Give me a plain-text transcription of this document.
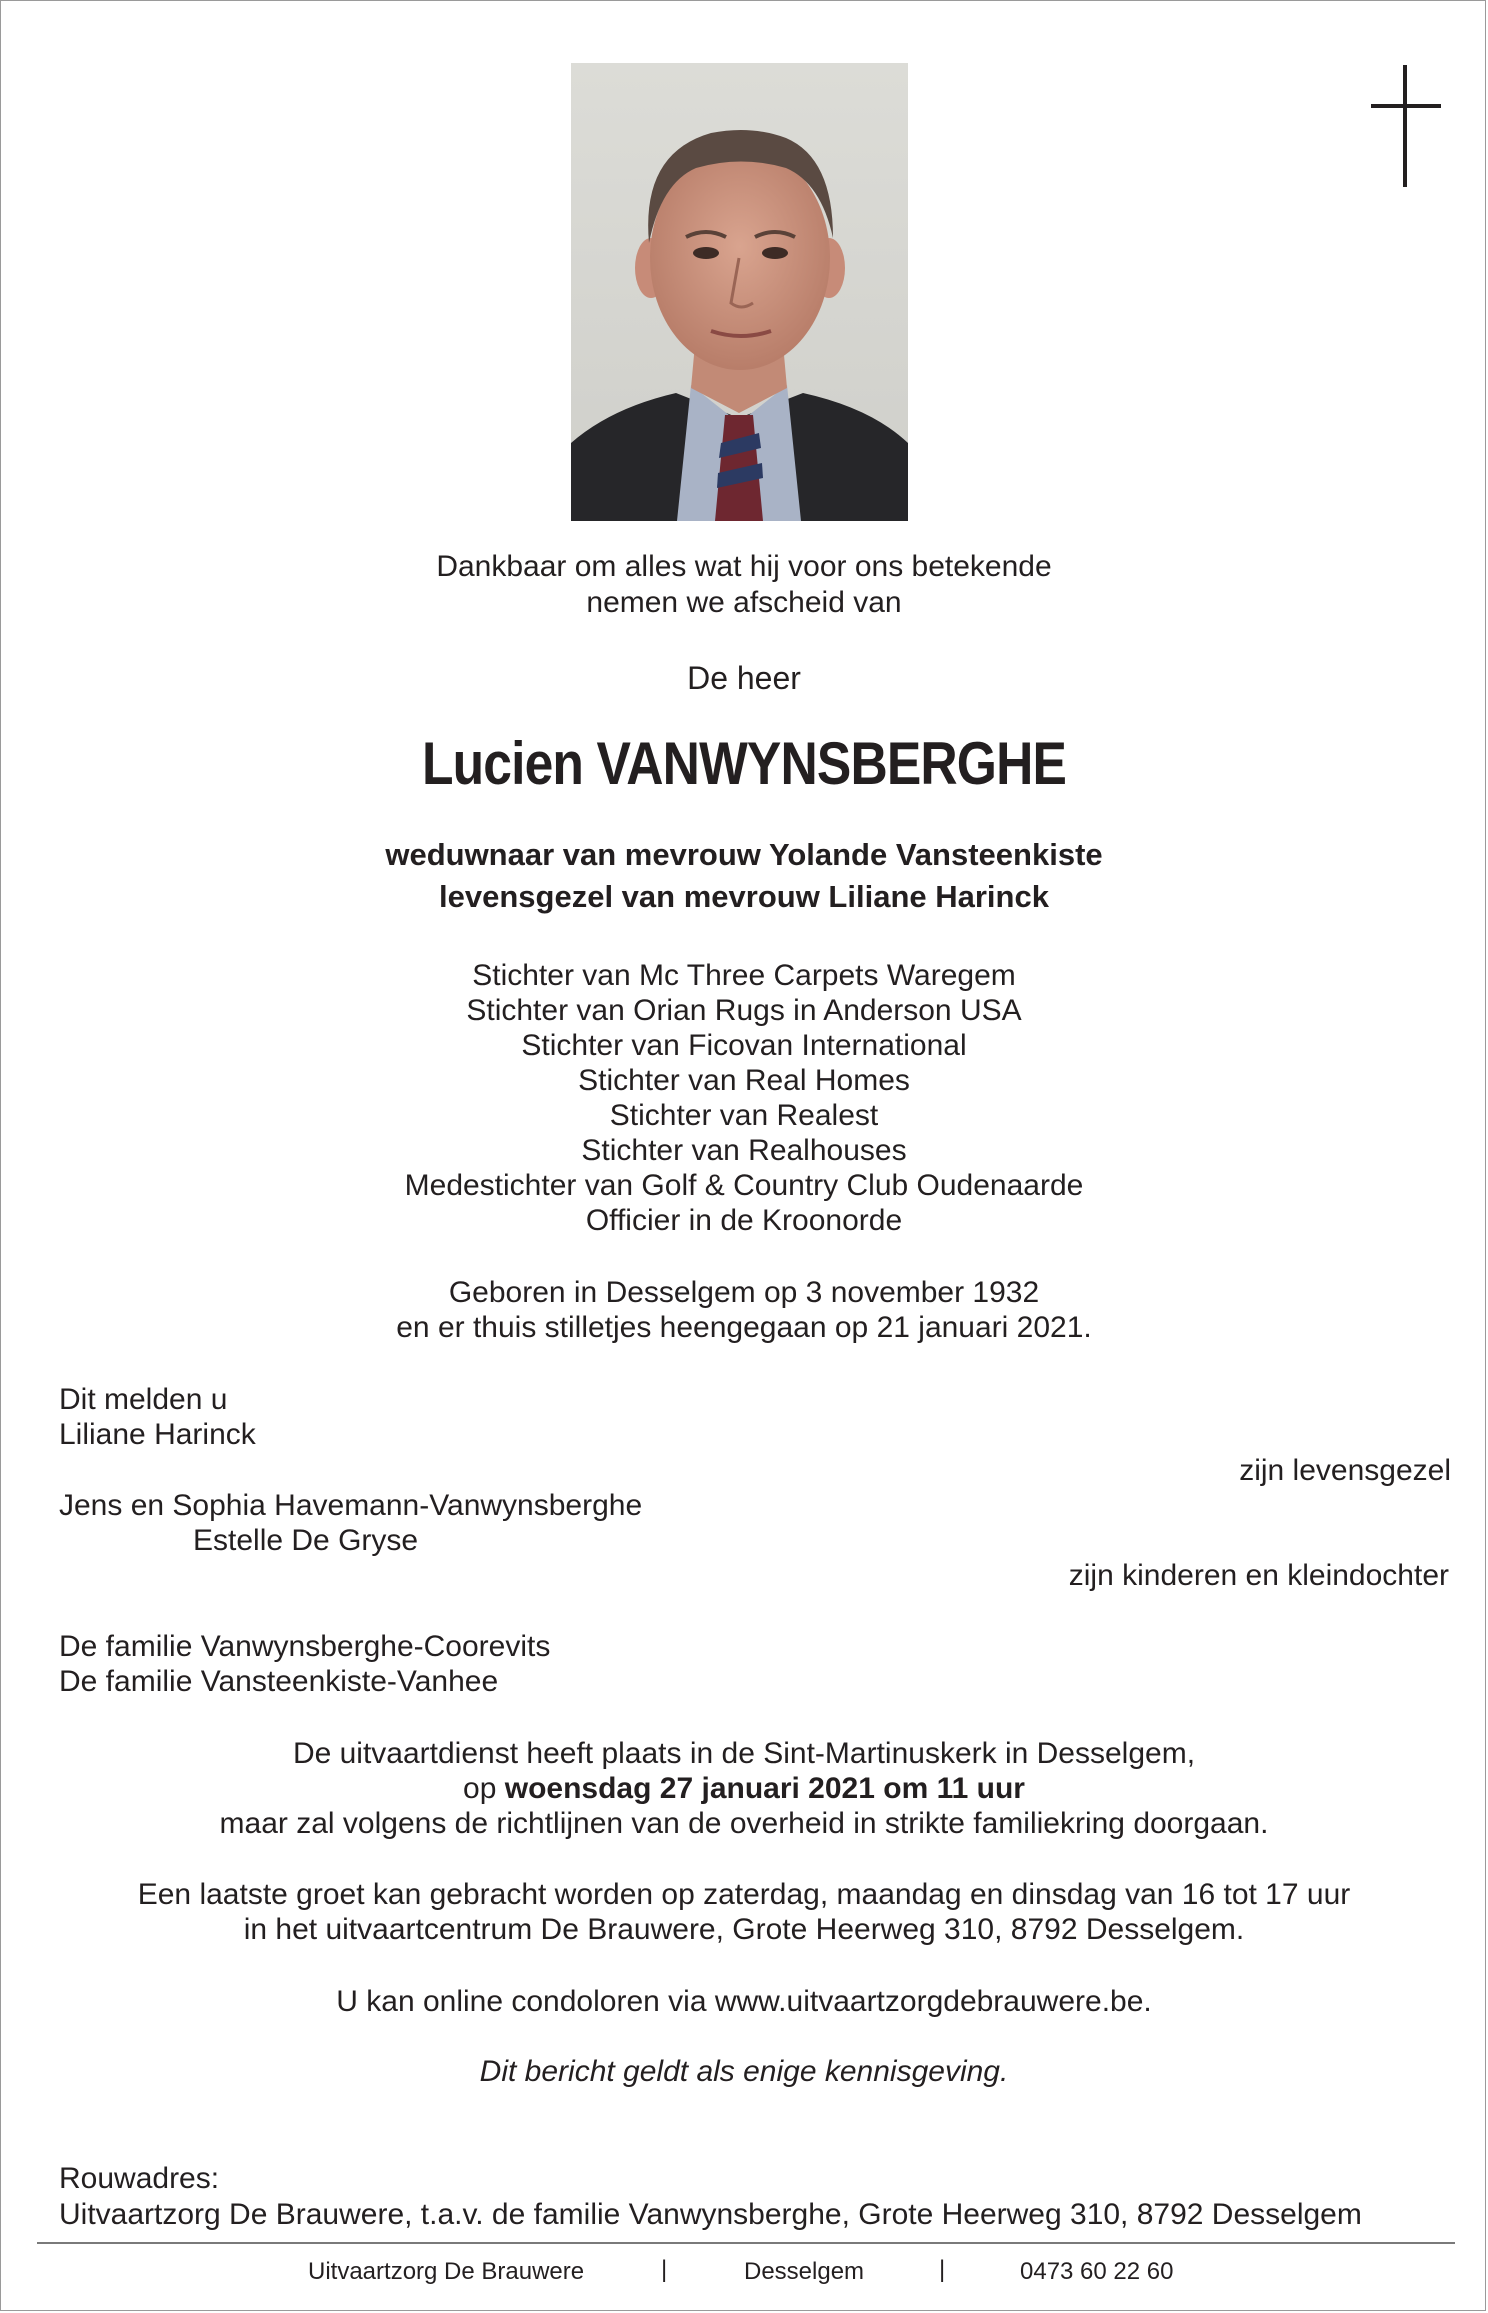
Dankbaar om alles wat hij voor ons betekende
nemen we afscheid van
De heer
Lucien VANWYNSBERGHE
weduwnaar van mevrouw Yolande Vansteenkiste
levensgezel van mevrouw Liliane Harinck
Stichter van Mc Three Carpets Waregem
Stichter van Orian Rugs in Anderson USA
Stichter van Ficovan International
Stichter van Real Homes
Stichter van Realest
Stichter van Realhouses
Medestichter van Golf & Country Club Oudenaarde
Officier in de Kroonorde
Geboren in Desselgem op 3 november 1932
en er thuis stilletjes heengegaan op 21 januari 2021.
Dit melden u
Liliane Harinck
zijn levensgezel
Jens en Sophia Havemann-Vanwynsberghe
Estelle De Gryse
zijn kinderen en kleindochter
De familie Vanwynsberghe-Coorevits
De familie Vansteenkiste-Vanhee
De uitvaartdienst heeft plaats in de Sint-Martinuskerk in Desselgem,
op woensdag 27 januari 2021 om 11 uur
maar zal volgens de richtlijnen van de overheid in strikte familiekring doorgaan.
Een laatste groet kan gebracht worden op zaterdag, maandag en dinsdag van 16 tot 17 uur
in het uitvaartcentrum De Brauwere, Grote Heerweg 310, 8792 Desselgem.
U kan online condoloren via www.uitvaartzorgdebrauwere.be.
Dit bericht geldt als enige kennisgeving.
Rouwadres:
Uitvaartzorg De Brauwere, t.a.v. de familie Vanwynsberghe, Grote Heerweg 310, 8792 Desselgem
Uitvaartzorg De Brauwere	|	Desselgem	|	0473 60 22 60
